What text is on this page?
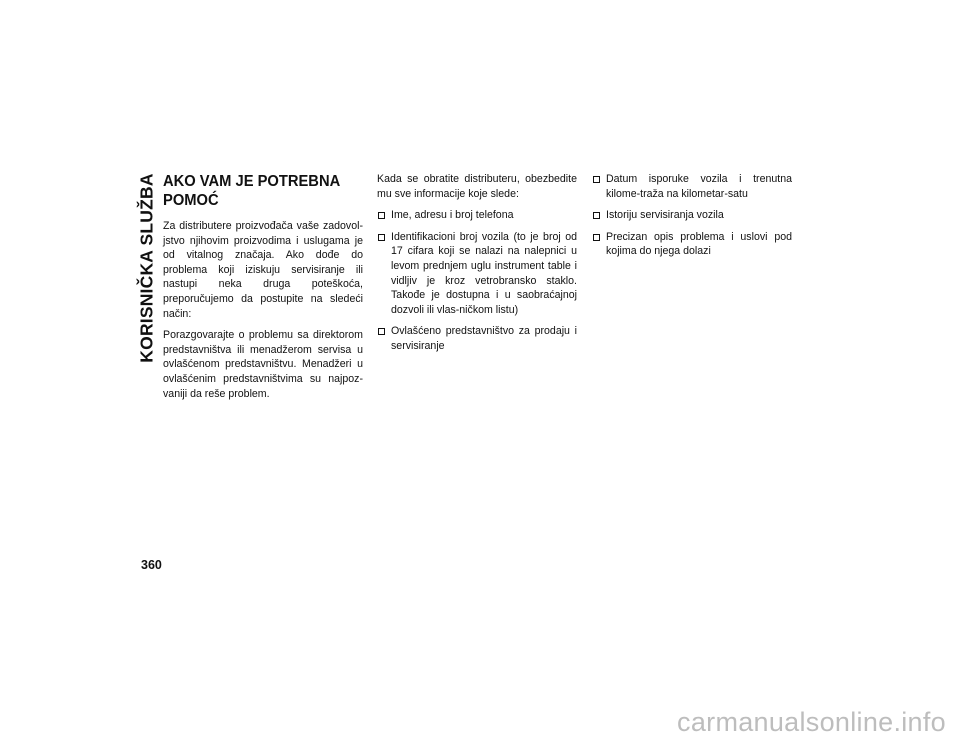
KORISNIČKA SLUŽBA AKO VAM JE POTREBNA
POMOĆ

Za distributere proizvođača vaše zadovol-jstvo njihovim proizvodima i uslugama je od vitalnog značaja. Ako dođe do problema koji iziskuju servisiranje ili nastupi neka druga poteškoća, preporučujemo da postupite na sledeći način:

Porazgovarajte o problemu sa direktorom predstavništva ili menadžerom servisa u ovlašćenom predstavništvu. Menadžeri u ovlašćenim predstavništvima su najpoz-vaniji da reše problem.

Kada se obratite distributeru, obezbedite mu sve informacije koje slede:

Ime, adresu i broj telefona
Identifikacioni broj vozila (to je broj od 17 cifara koji se nalazi na nalepnici u levom prednjem uglu instrument table i vidljiv je kroz vetrobransko staklo. Takođe je dostupna i u saobraćajnoj dozvoli ili vlas-ničkom listu)
Ovlašćeno predstavništvo za prodaju i servisiranje
Datum isporuke vozila i trenutna kilome-traža na kilometar-satu
Istoriju servisiranja vozila
Precizan opis problema i uslovi pod kojima do njega dolazi
360
carmanualsonline.info
